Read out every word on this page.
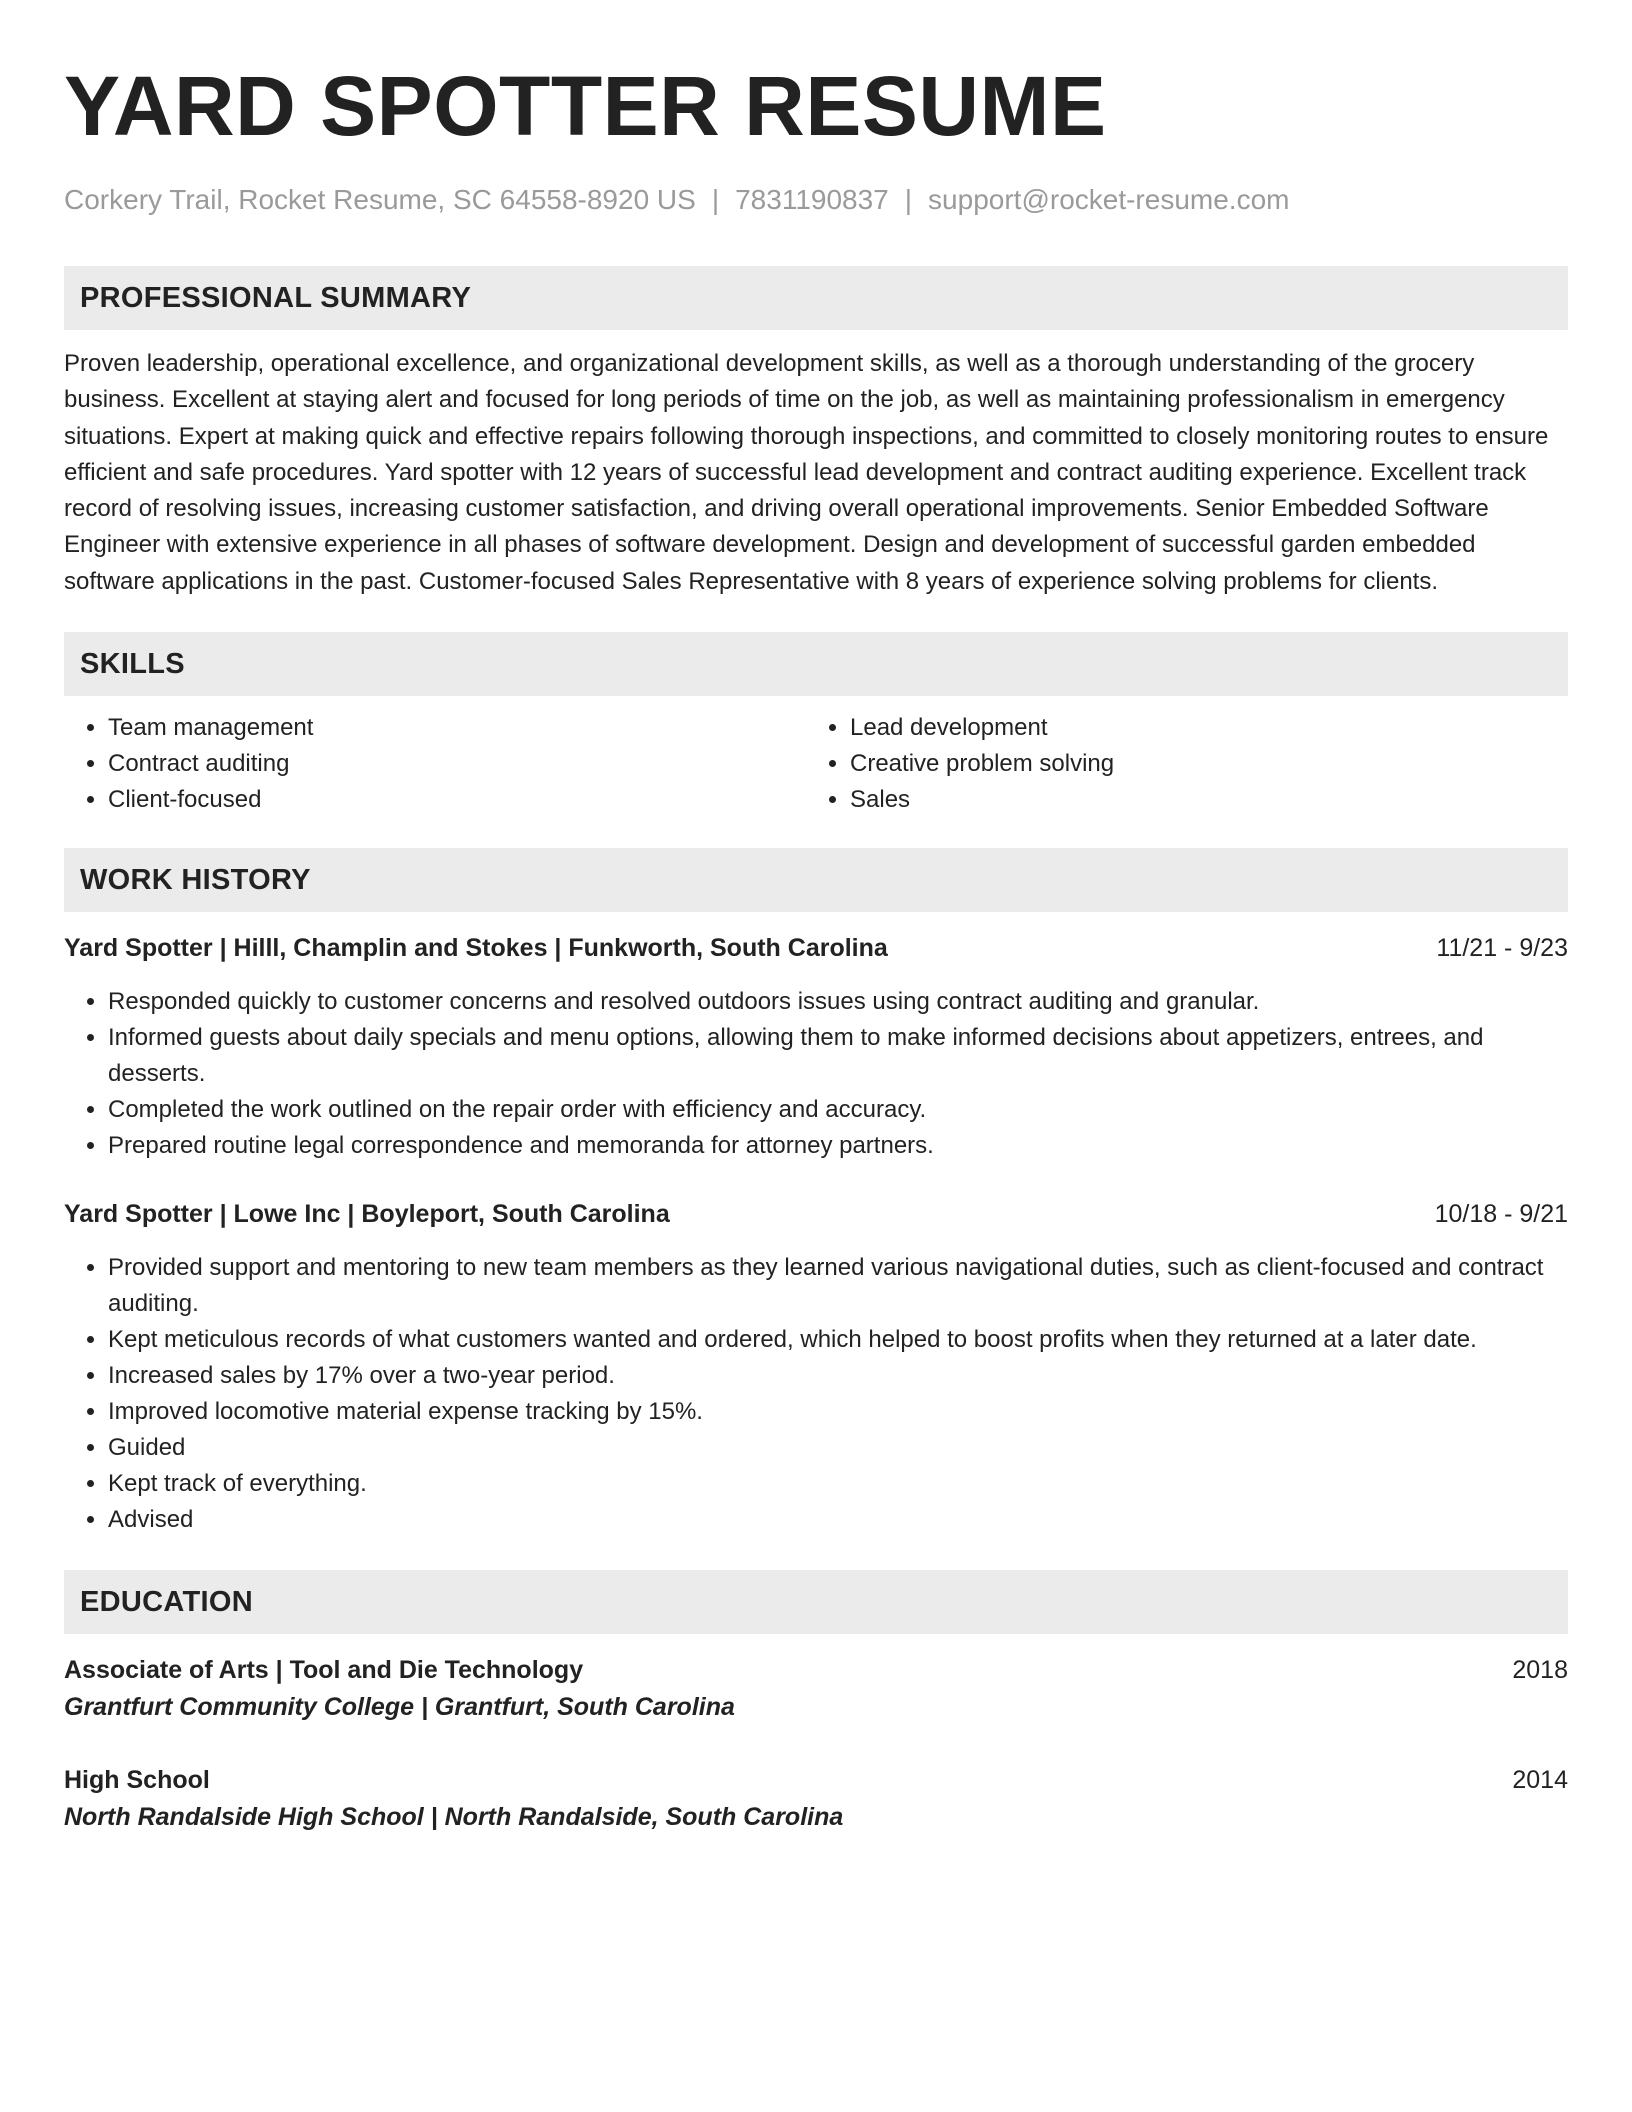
YARD SPOTTER RESUME
Corkery Trail, Rocket Resume, SC 64558-8920 US | 7831190837 | support@rocket-resume.com
PROFESSIONAL SUMMARY
Proven leadership, operational excellence, and organizational development skills, as well as a thorough understanding of the grocery business. Excellent at staying alert and focused for long periods of time on the job, as well as maintaining professionalism in emergency situations. Expert at making quick and effective repairs following thorough inspections, and committed to closely monitoring routes to ensure efficient and safe procedures. Yard spotter with 12 years of successful lead development and contract auditing experience. Excellent track record of resolving issues, increasing customer satisfaction, and driving overall operational improvements. Senior Embedded Software Engineer with extensive experience in all phases of software development. Design and development of successful garden embedded software applications in the past. Customer-focused Sales Representative with 8 years of experience solving problems for clients.
SKILLS
• Team management
• Contract auditing
• Client-focused
• Lead development
• Creative problem solving
• Sales
WORK HISTORY
Yard Spotter | Hilll, Champlin and Stokes | Funkworth, South Carolina	11/21 - 9/23
• Responded quickly to customer concerns and resolved outdoors issues using contract auditing and granular.
• Informed guests about daily specials and menu options, allowing them to make informed decisions about appetizers, entrees, and desserts.
• Completed the work outlined on the repair order with efficiency and accuracy.
• Prepared routine legal correspondence and memoranda for attorney partners.
Yard Spotter | Lowe Inc | Boyleport, South Carolina	10/18 - 9/21
• Provided support and mentoring to new team members as they learned various navigational duties, such as client-focused and contract auditing.
• Kept meticulous records of what customers wanted and ordered, which helped to boost profits when they returned at a later date.
• Increased sales by 17% over a two-year period.
• Improved locomotive material expense tracking by 15%.
• Guided
• Kept track of everything.
• Advised
EDUCATION
Associate of Arts | Tool and Die Technology	2018
Grantfurt Community College | Grantfurt, South Carolina
High School	2014
North Randalside High School | North Randalside, South Carolina
